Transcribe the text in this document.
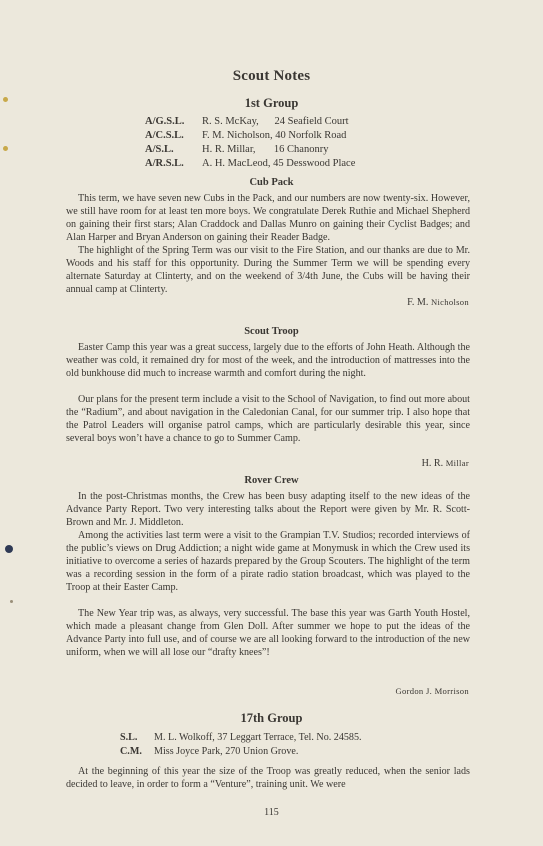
Scout Notes
1st Group
A/G.S.L.	R. S. McKay,      24 Seafield Court
A/C.S.L.	F. M. Nicholson, 40 Norfolk Road
A/S.L.	H. R. Millar,       16 Chanonry
A/R.S.L.	A. H. MacLeod, 45 Desswood Place
Cub Pack

This term, we have seven new Cubs in the Pack, and our numbers are now twenty-six. However, we still have room for at least ten more boys. We congratulate Derek Ruthie and Michael Shepherd on gaining their first stars; Alan Craddock and Dallas Munro on gaining their Cyclist Badges; and Alan Harper and Bryan Anderson on gaining their Reader Badge.

The highlight of the Spring Term was our visit to the Fire Station, and our thanks are due to Mr. Woods and his staff for this opportunity. During the Summer Term we will be spending every alternate Saturday at Clinterty, and on the weekend of 3/4th June, the Cubs will be having their annual camp at Clinterty.

F. M. Nicholson
Scout Troop

Easter Camp this year was a great success, largely due to the efforts of John Heath. Although the weather was cold, it remained dry for most of the week, and the introduction of mattresses into the old bunkhouse did much to increase warmth and comfort during the night.

Our plans for the present term include a visit to the School of Navigation, to find out more about the “Radium”, and about navigation in the Caledonian Canal, for our summer trip. I also hope that the Patrol Leaders will organise patrol camps, which are particularly desirable this year, since several boys won’t have a chance to go to Summer Camp.

H. R. Millar
Rover Crew

In the post-Christmas months, the Crew has been busy adapting itself to the new ideas of the Advance Party Report. Two very interesting talks about the Report were given by Mr. R. Scott-Brown and Mr. J. Middleton.

Among the activities last term were a visit to the Grampian T.V. Studios; recorded interviews of the public’s views on Drug Addiction; a night wide game at Monymusk in which the Crew used its initiative to overcome a series of hazards prepared by the Group Scouters. The highlight of the term was a recording session in the form of a pirate radio station broadcast, which was played to the Troop at their Easter Camp.

The New Year trip was, as always, very successful. The base this year was Garth Youth Hostel, which made a pleasant change from Glen Doll. After summer we hope to put the ideas of the Advance Party into full use, and of course we are all looking forward to the introduction of the new uniform, when we will all lose our “drafty knees”!

Gordon J. Morrison
17th Group
S.L.	M. L. Wolkoff, 37 Leggart Terrace, Tel. No. 24585.
C.M.	Miss Joyce Park, 270 Union Grove.

At the beginning of this year the size of the Troop was greatly reduced, when the senior lads decided to leave, in order to form a “Venture”, training unit. We were

115
